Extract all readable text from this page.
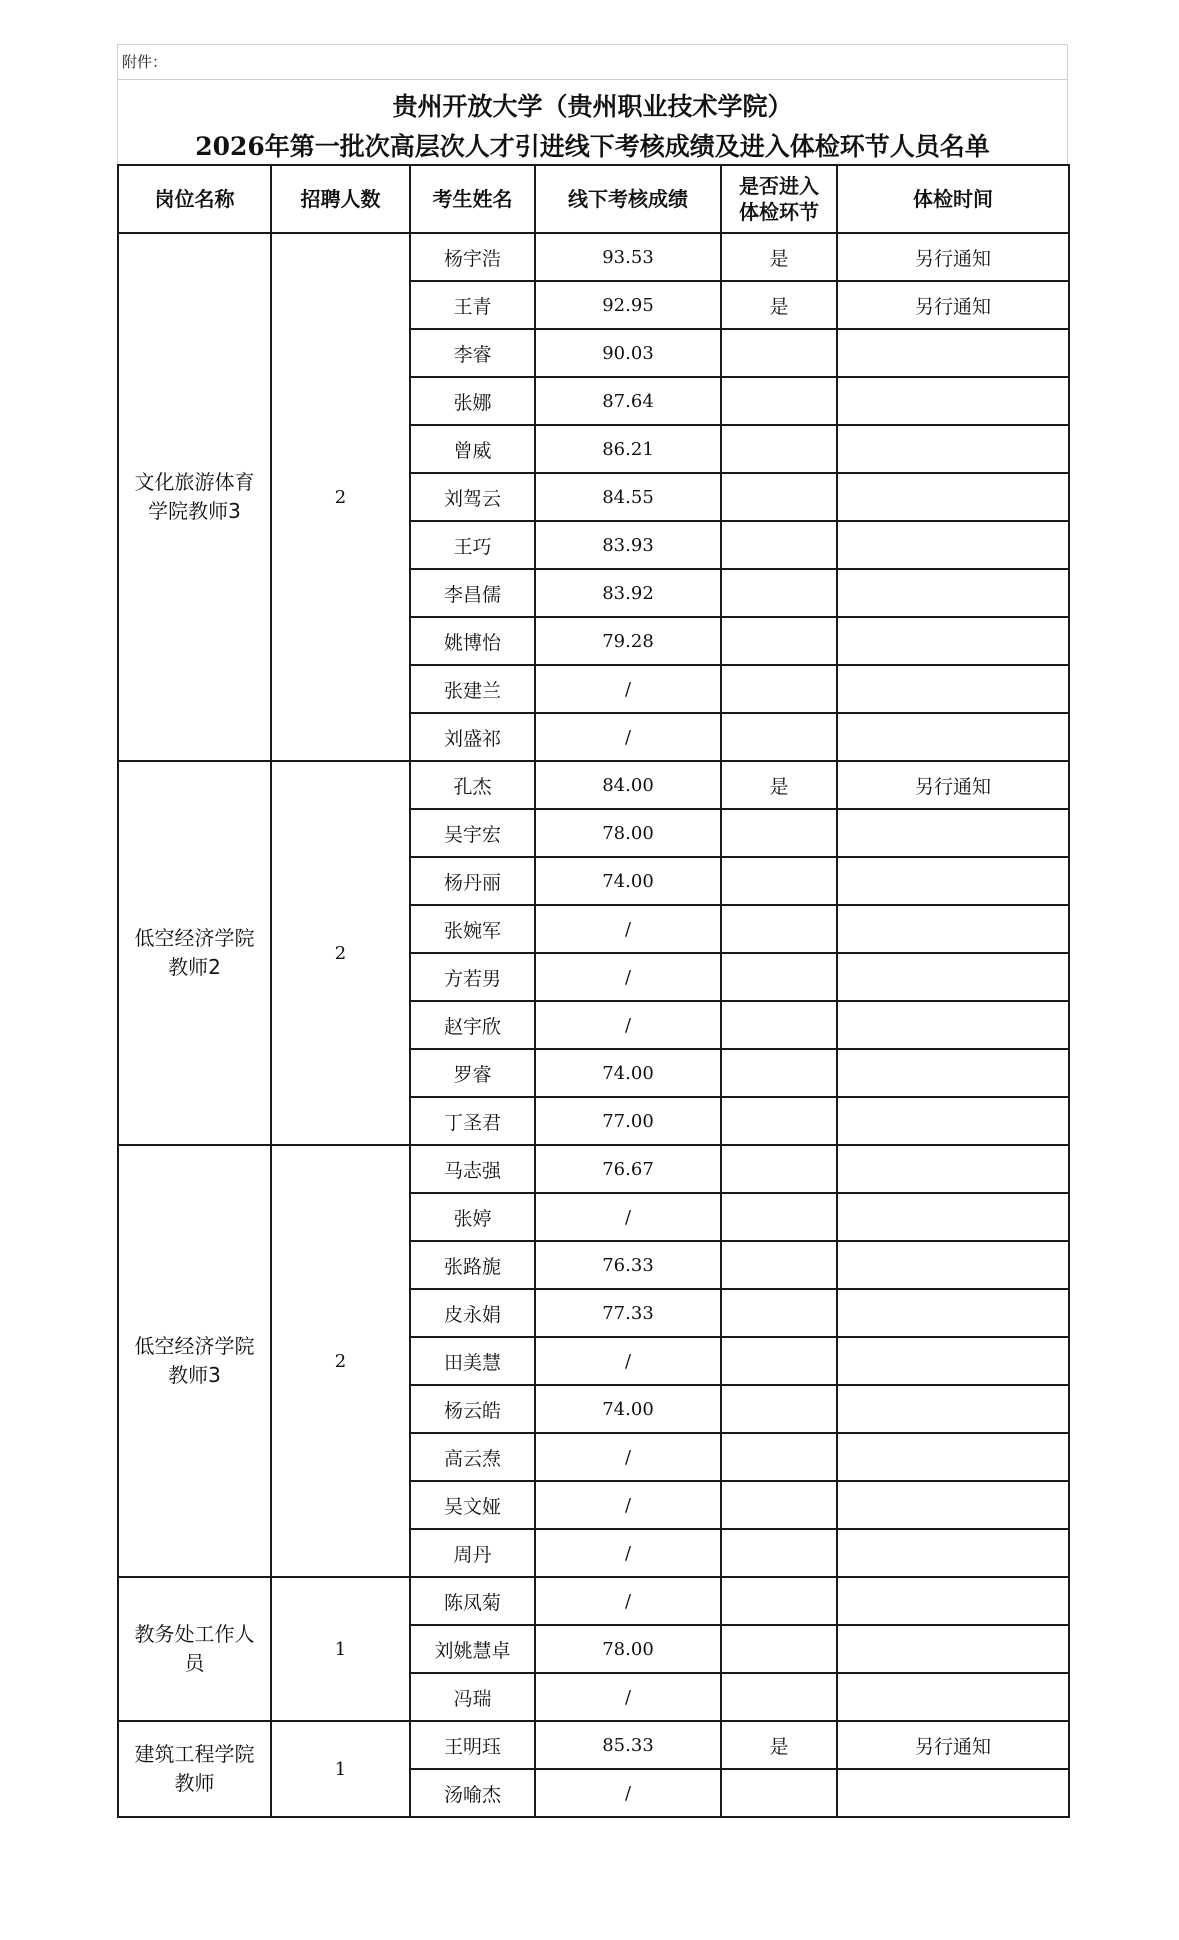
附件：
贵州开放大学（贵州职业技术学院）
2026年第一批次高层次人才引进线下考核成绩及进入体检环节人员名单
岗位名称	招聘人数	考生姓名	线下考核成绩	是否进入体检环节	体检时间

文化旅游体育学院教师3	2	杨宇浩	93.53	是	另行通知
		王青	92.95	是	另行通知
		李睿	90.03		
		张娜	87.64		
		曾威	86.21		
		刘驾云	84.55		
		王巧	83.93		
		李昌儒	83.92		
		姚博怡	79.28		
		张建兰	/		
		刘盛祁	/		

低空经济学院教师2	2	孔杰	84.00	是	另行通知
		吴宇宏	78.00		
		杨丹丽	74.00		
		张婉军	/		
		方若男	/		
		赵宇欣	/		
		罗睿	74.00		
		丁圣君	77.00		

低空经济学院教师3	2	马志强	76.67		
		张婷	/		
		张路旎	76.33		
		皮永娟	77.33		
		田美慧	/		
		杨云皓	74.00		
		高云焘	/		
		吴文娅	/		
		周丹	/		

教务处工作人员	1	陈凤菊	/		
		刘姚慧卓	78.00		
		冯瑞	/		

建筑工程学院教师	1	王明珏	85.33	是	另行通知
		汤喻杰	/		
